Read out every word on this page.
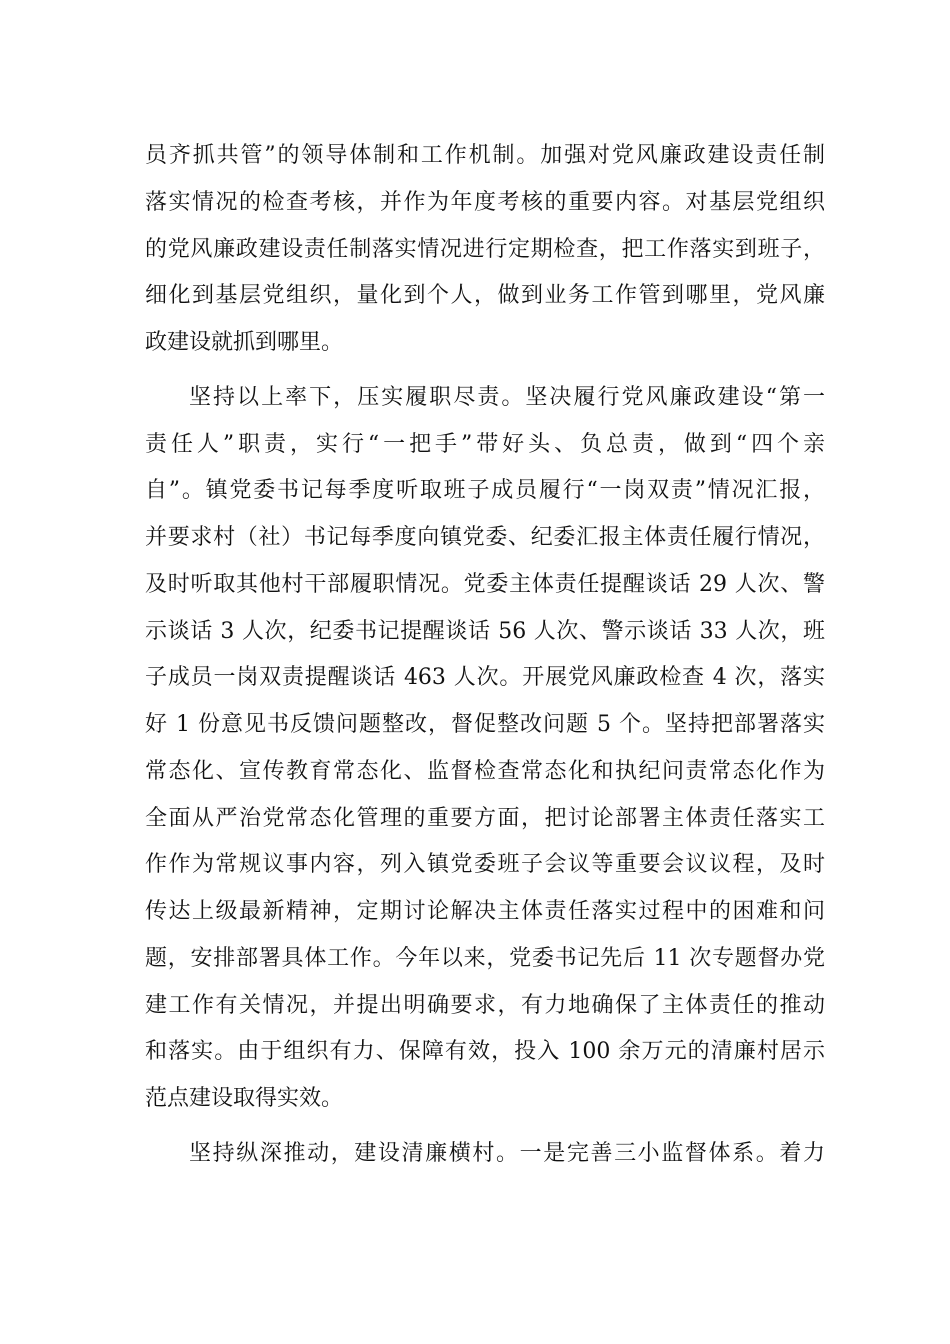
员齐抓共管”的领导体制和工作机制。加强对党风廉政建设责任制
落实情况的检查考核，并作为年度考核的重要内容。对基层党组织
的党风廉政建设责任制落实情况进行定期检查，把工作落实到班子，
细化到基层党组织，量化到个人，做到业务工作管到哪里，党风廉
政建设就抓到哪里。
坚持以上率下，压实履职尽责。坚决履行党风廉政建设“第一
责任人”职责，实行“一把手”带好头、负总责，做到“四个亲
自”。镇党委书记每季度听取班子成员履行“一岗双责”情况汇报，
并要求村（社）书记每季度向镇党委、纪委汇报主体责任履行情况，
及时听取其他村干部履职情况。党委主体责任提醒谈话 29 人次、警
示谈话 3 人次，纪委书记提醒谈话 56 人次、警示谈话 33 人次，班
子成员一岗双责提醒谈话 463 人次。开展党风廉政检查 4 次，落实
好 1 份意见书反馈问题整改，督促整改问题 5 个。坚持把部署落实
常态化、宣传教育常态化、监督检查常态化和执纪问责常态化作为
全面从严治党常态化管理的重要方面，把讨论部署主体责任落实工
作作为常规议事内容，列入镇党委班子会议等重要会议议程，及时
传达上级最新精神，定期讨论解决主体责任落实过程中的困难和问
题，安排部署具体工作。今年以来，党委书记先后 11 次专题督办党
建工作有关情况，并提出明确要求，有力地确保了主体责任的推动
和落实。由于组织有力、保障有效，投入 100 余万元的清廉村居示
范点建设取得实效。
坚持纵深推动，建设清廉横村。一是完善三小监督体系。着力
